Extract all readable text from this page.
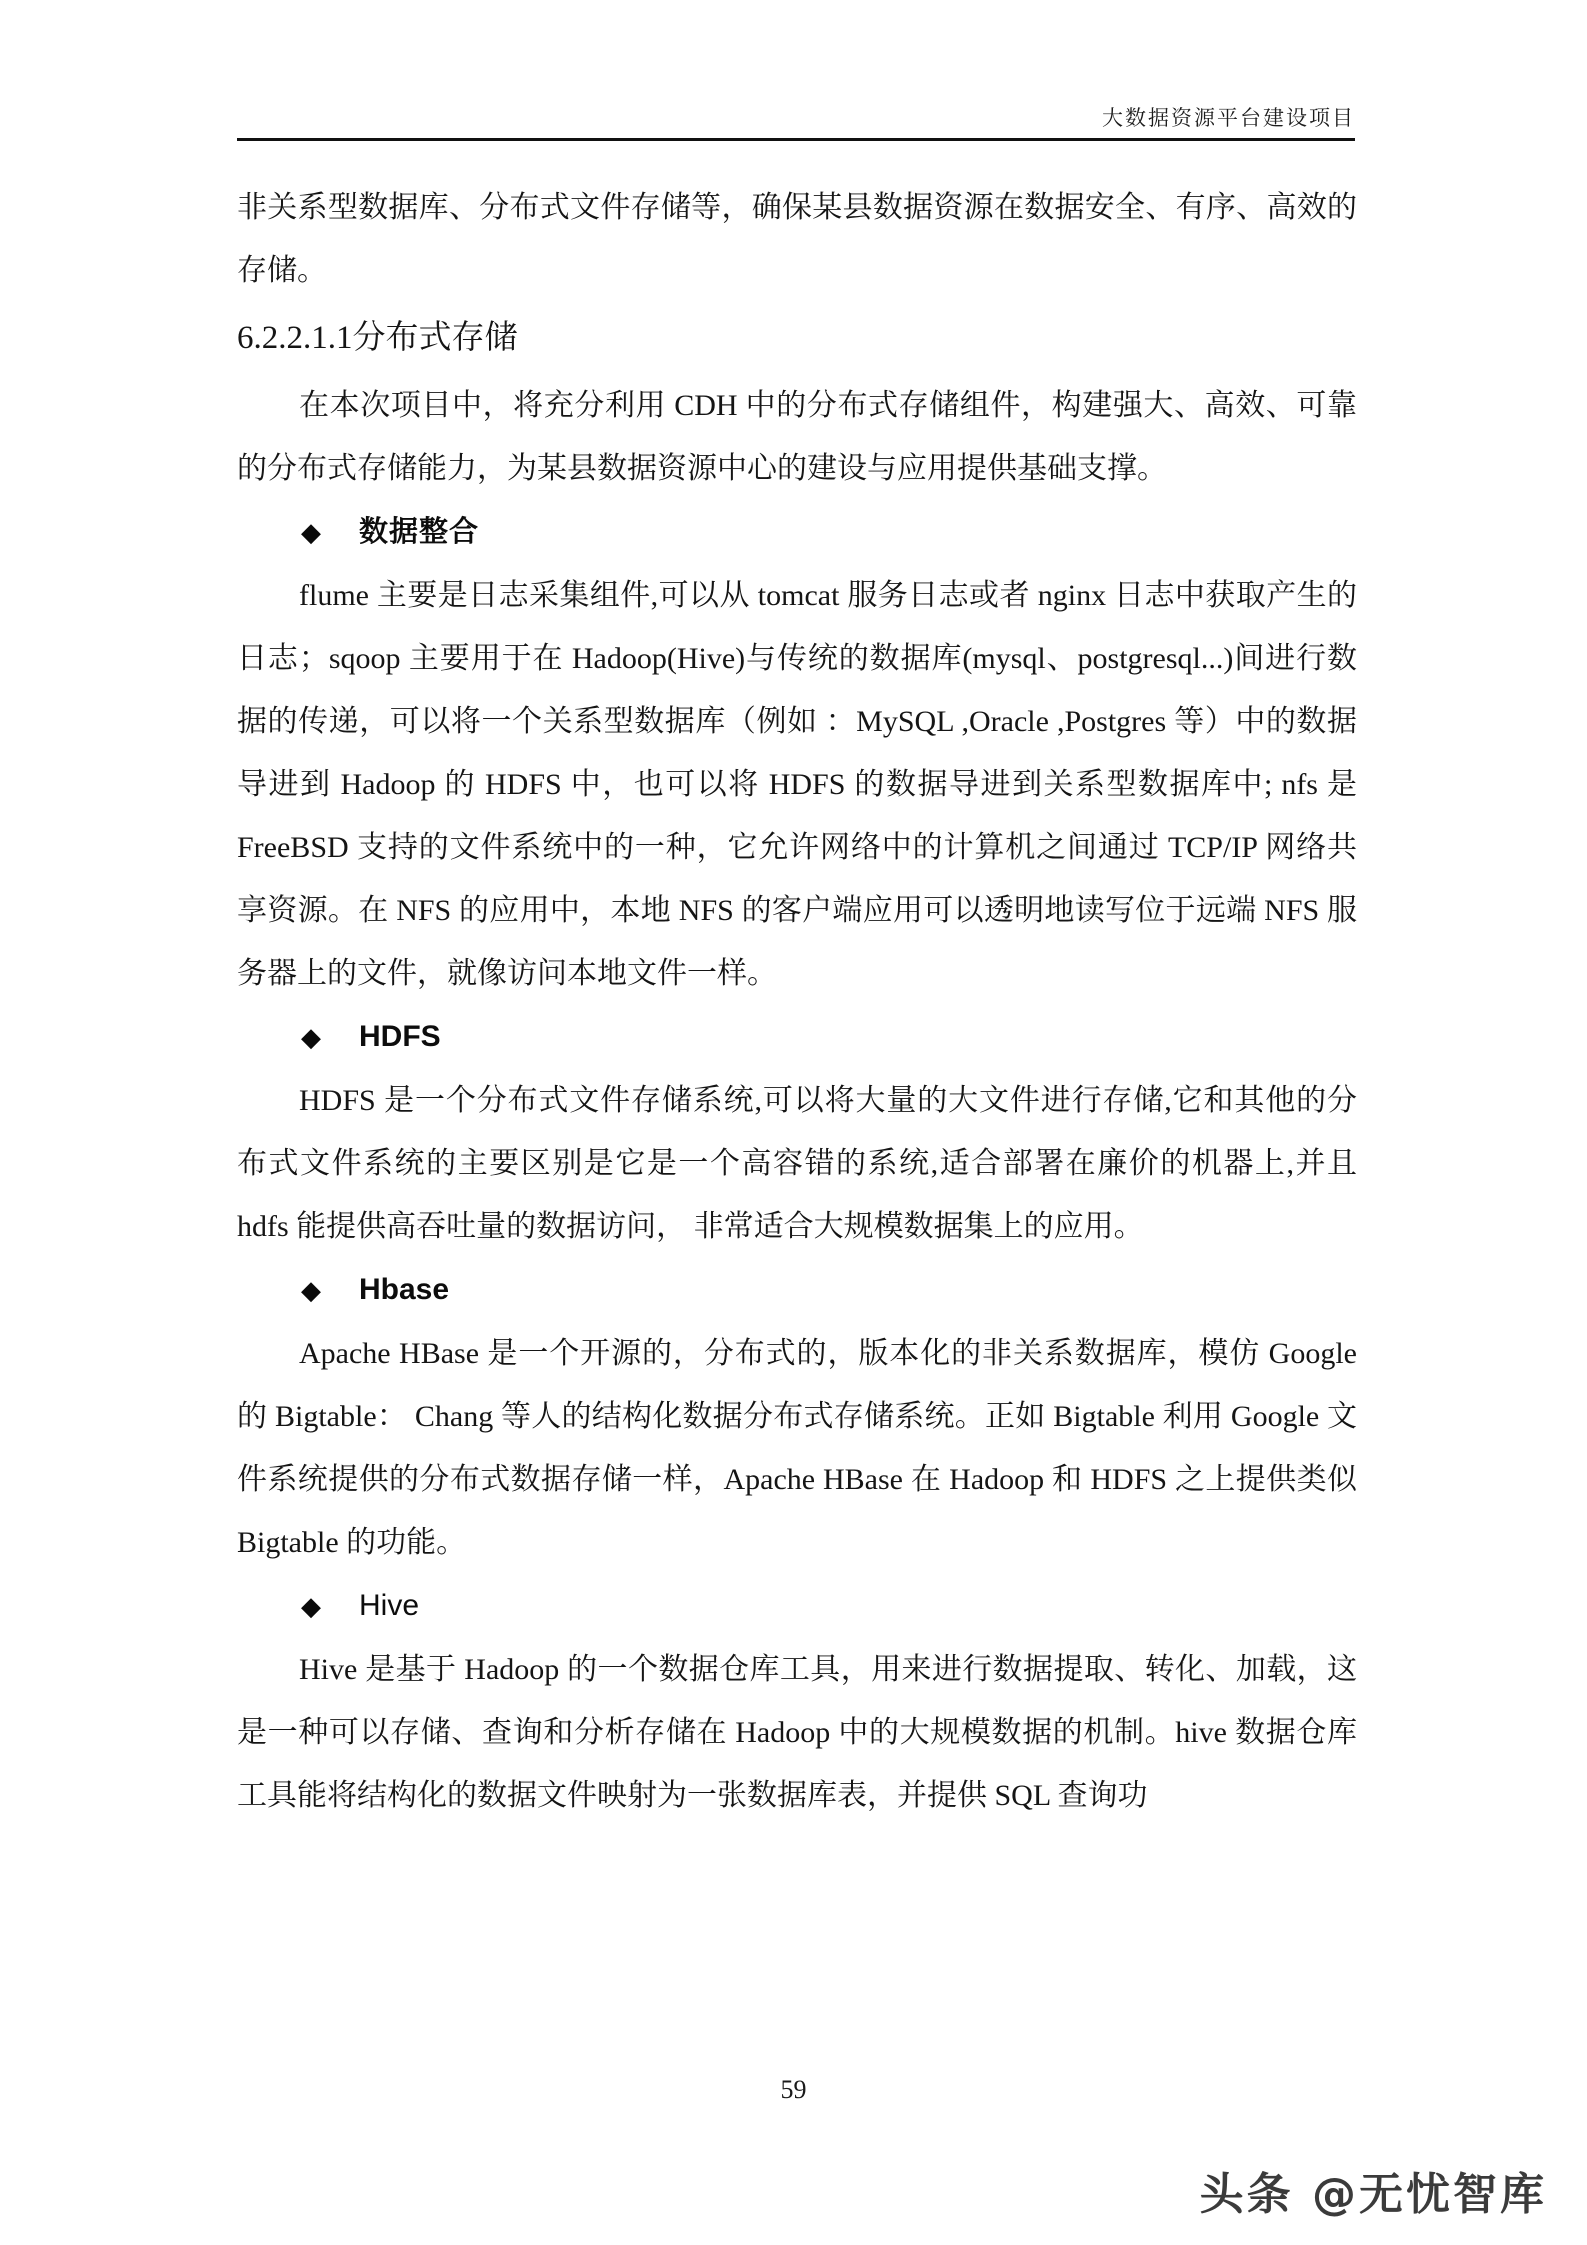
大数据资源平台建设项目

非关系型数据库、分布式文件存储等，确保某县数据资源在数据安全、有序、高效的存储。

6.2.2.1.1分布式存储

在本次项目中，将充分利用 CDH 中的分布式存储组件，构建强大、高效、可靠的分布式存储能力，为某县数据资源中心的建设与应用提供基础支撑。

◆	数据整合

flume 主要是日志采集组件,可以从 tomcat 服务日志或者 nginx 日志中获取产生的日志；sqoop 主要用于在 Hadoop(Hive)与传统的数据库(mysql、postgresql...)间进行数据的传递，可以将一个关系型数据库（例如 ：MySQL ,Oracle ,Postgres 等）中的数据导进到 Hadoop 的 HDFS 中，也可以将 HDFS 的数据导进到关系型数据库中; nfs 是 FreeBSD 支持的文件系统中的一种，它允许网络中的计算机之间通过 TCP/IP 网络共享资源。在 NFS 的应用中，本地 NFS 的客户端应用可以透明地读写位于远端 NFS 服务器上的文件，就像访问本地文件一样。

◆	HDFS

HDFS 是一个分布式文件存储系统,可以将大量的大文件进行存储,它和其他的分布式文件系统的主要区别是它是一个高容错的系统,适合部署在廉价的机器上,并且 hdfs 能提供高吞吐量的数据访问， 非常适合大规模数据集上的应用。

◆	Hbase

Apache HBase 是一个开源的，分布式的，版本化的非关系数据库，模仿 Google 的 Bigtable： Chang 等人的结构化数据分布式存储系统。正如 Bigtable 利用 Google 文件系统提供的分布式数据存储一样，Apache HBase 在 Hadoop 和 HDFS 之上提供类似 Bigtable 的功能。

◆	Hive

Hive 是基于 Hadoop 的一个数据仓库工具，用来进行数据提取、转化、加载，这是一种可以存储、查询和分析存储在 Hadoop 中的大规模数据的机制。hive 数据仓库工具能将结构化的数据文件映射为一张数据库表，并提供 SQL 查询功

59
头条 @无忧智库
